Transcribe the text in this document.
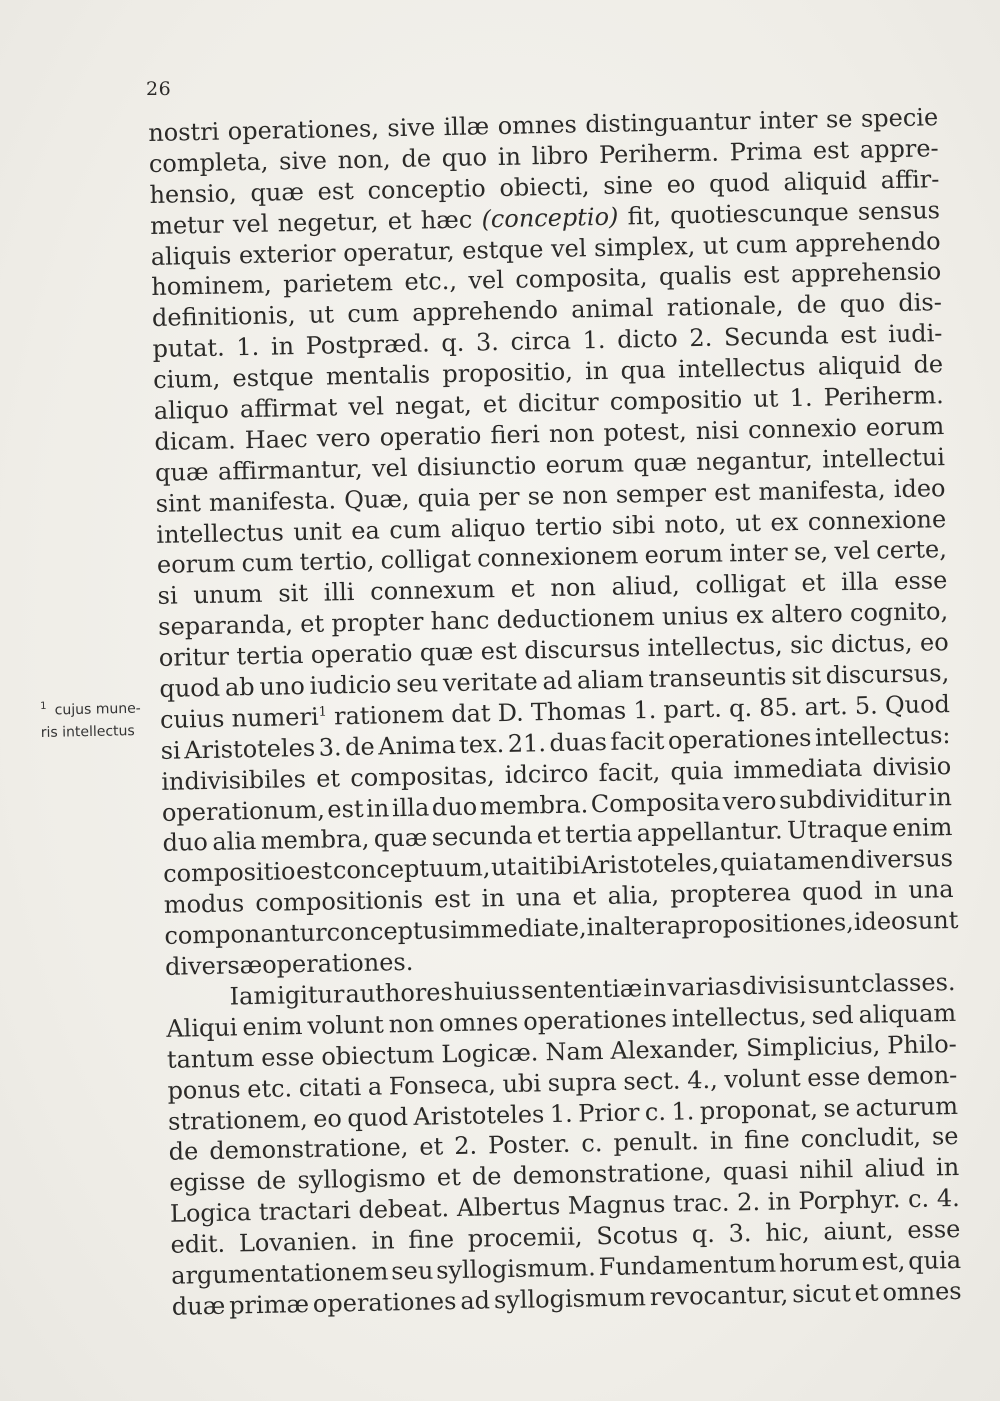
26
$^1$ cujus mune-
ris intellectus
nostri operationes, sive illæ omnes distinguantur inter se specie
completa, sive non, de quo in libro Periherm. Prima est appre-
hensio, quæ est conceptio obiecti, sine eo quod aliquid affir-
metur vel negetur, et hæc (conceptio) fit, quotiescunque sensus
aliquis exterior operatur, estque vel simplex, ut cum apprehendo
hominem, parietem etc., vel composita, qualis est apprehensio
definitionis, ut cum apprehendo animal rationale, de quo dis-
putat. 1. in Postpræd. q. 3. circa 1. dicto 2. Secunda est iudi-
cium, estque mentalis propositio, in qua intellectus aliquid de
aliquo affirmat vel negat, et dicitur compositio ut 1. Periherm.
dicam. Haec vero operatio fieri non potest, nisi connexio eorum
quæ affirmantur, vel disiunctio eorum quæ negantur, intellectui
sint manifesta. Quæ, quia per se non semper est manifesta, ideo
intellectus unit ea cum aliquo tertio sibi noto, ut ex connexione
eorum cum tertio, colligat connexionem eorum inter se, vel certe,
si unum sit illi connexum et non aliud, colligat et illa esse
separanda, et propter hanc deductionem unius ex altero cognito,
oritur tertia operatio quæ est discursus intellectus, sic dictus, eo
quod ab uno iudicio seu veritate ad aliam transeuntis sit discursus,
cuius numeri$^1$ rationem dat D. Thomas 1. part. q. 85. art. 5. Quod
si Aristoteles 3. de Anima tex. 21. duas facit operationes intellectus:
indivisibiles et compositas, idcirco facit, quia immediata divisio
operationum, est in illa duo membra. Composita vero subdividitur in
duo alia membra, quæ secunda et tertia appellantur. Utraque enim
compositio est conceptuum, ut ait ibi Aristoteles, quia tamen diversus
modus compositionis est in una et alia, propterea quod in una
componantur conceptus immediate, in altera propositiones, ideo sunt
diversæ operationes.
Iam igitur authores huius sententiæ in varias divisi sunt classes.
Aliqui enim volunt non omnes operationes intellectus, sed aliquam
tantum esse obiectum Logicæ. Nam Alexander, Simplicius, Philo-
ponus etc. citati a Fonseca, ubi supra sect. 4., volunt esse demon-
strationem, eo quod Aristoteles 1. Prior c. 1. proponat, se acturum
de demonstratione, et 2. Poster. c. penult. in fine concludit, se
egisse de syllogismo et de demonstratione, quasi nihil aliud in
Logica tractari debeat. Albertus Magnus trac. 2. in Porphyr. c. 4.
edit. Lovanien. in fine procemii, Scotus q. 3. hic, aiunt, esse
argumentationem seu syllogismum. Fundamentum horum est, quia
duæ primæ operationes ad syllogismum revocantur, sicut et omnes
